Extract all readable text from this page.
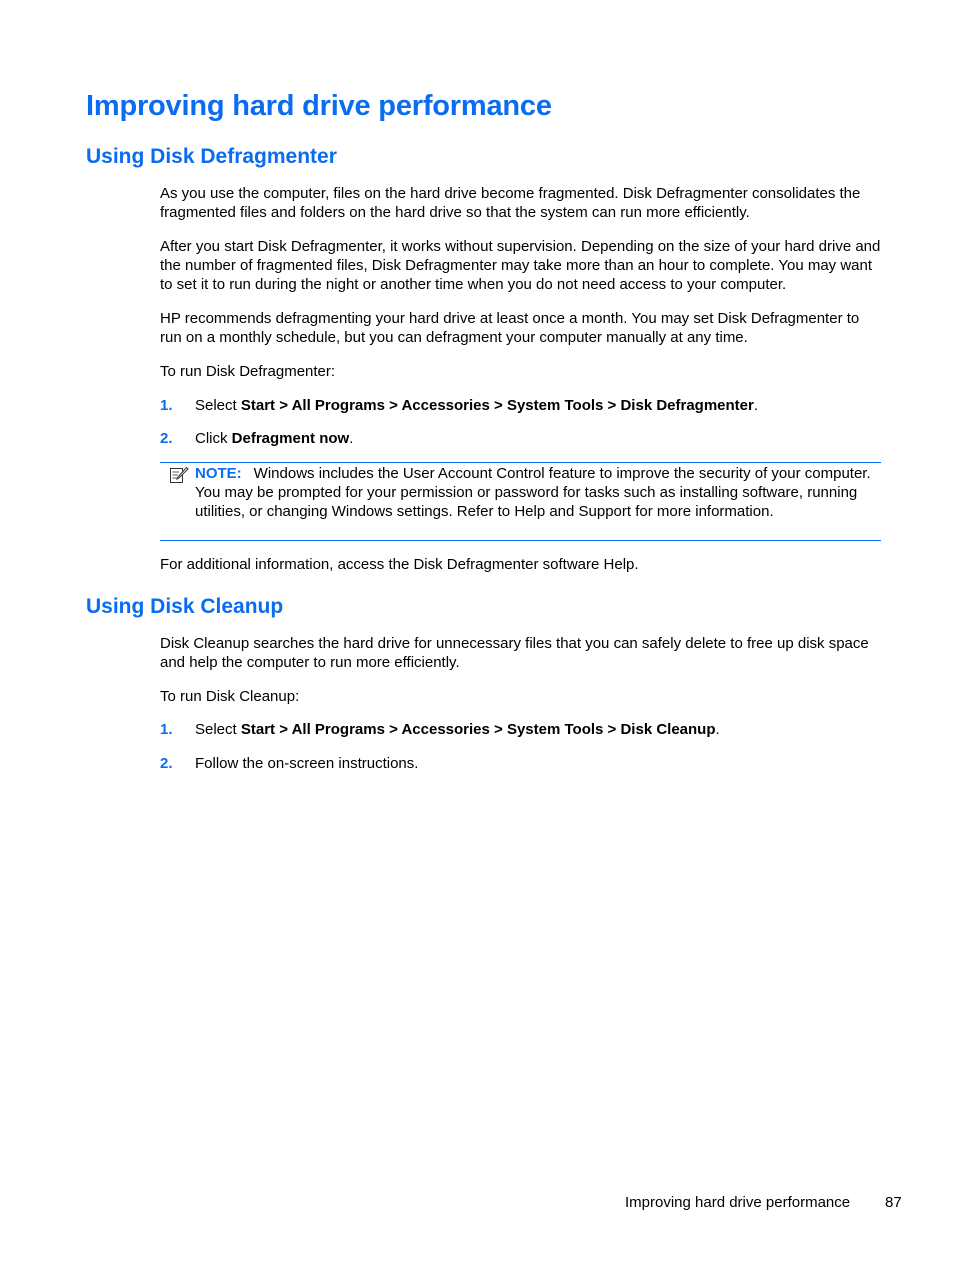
Improving hard drive performance
Using Disk Defragmenter

As you use the computer, files on the hard drive become fragmented. Disk Defragmenter consolidates the fragmented files and folders on the hard drive so that the system can run more efficiently.

After you start Disk Defragmenter, it works without supervision. Depending on the size of your hard drive and the number of fragmented files, Disk Defragmenter may take more than an hour to complete. You may want to set it to run during the night or another time when you do not need access to your computer.

HP recommends defragmenting your hard drive at least once a month. You may set Disk Defragmenter to run on a monthly schedule, but you can defragment your computer manually at any time.

To run Disk Defragmenter:

1. Select Start > All Programs > Accessories > System Tools > Disk Defragmenter.
2. Click Defragment now.
NOTE: Windows includes the User Account Control feature to improve the security of your computer. You may be prompted for your permission or password for tasks such as installing software, running utilities, or changing Windows settings. Refer to Help and Support for more information.

For additional information, access the Disk Defragmenter software Help.

Using Disk Cleanup

Disk Cleanup searches the hard drive for unnecessary files that you can safely delete to free up disk space and help the computer to run more efficiently.

To run Disk Cleanup:

1. Select Start > All Programs > Accessories > System Tools > Disk Cleanup.
2. Follow the on-screen instructions.
Improving hard drive performance 87
